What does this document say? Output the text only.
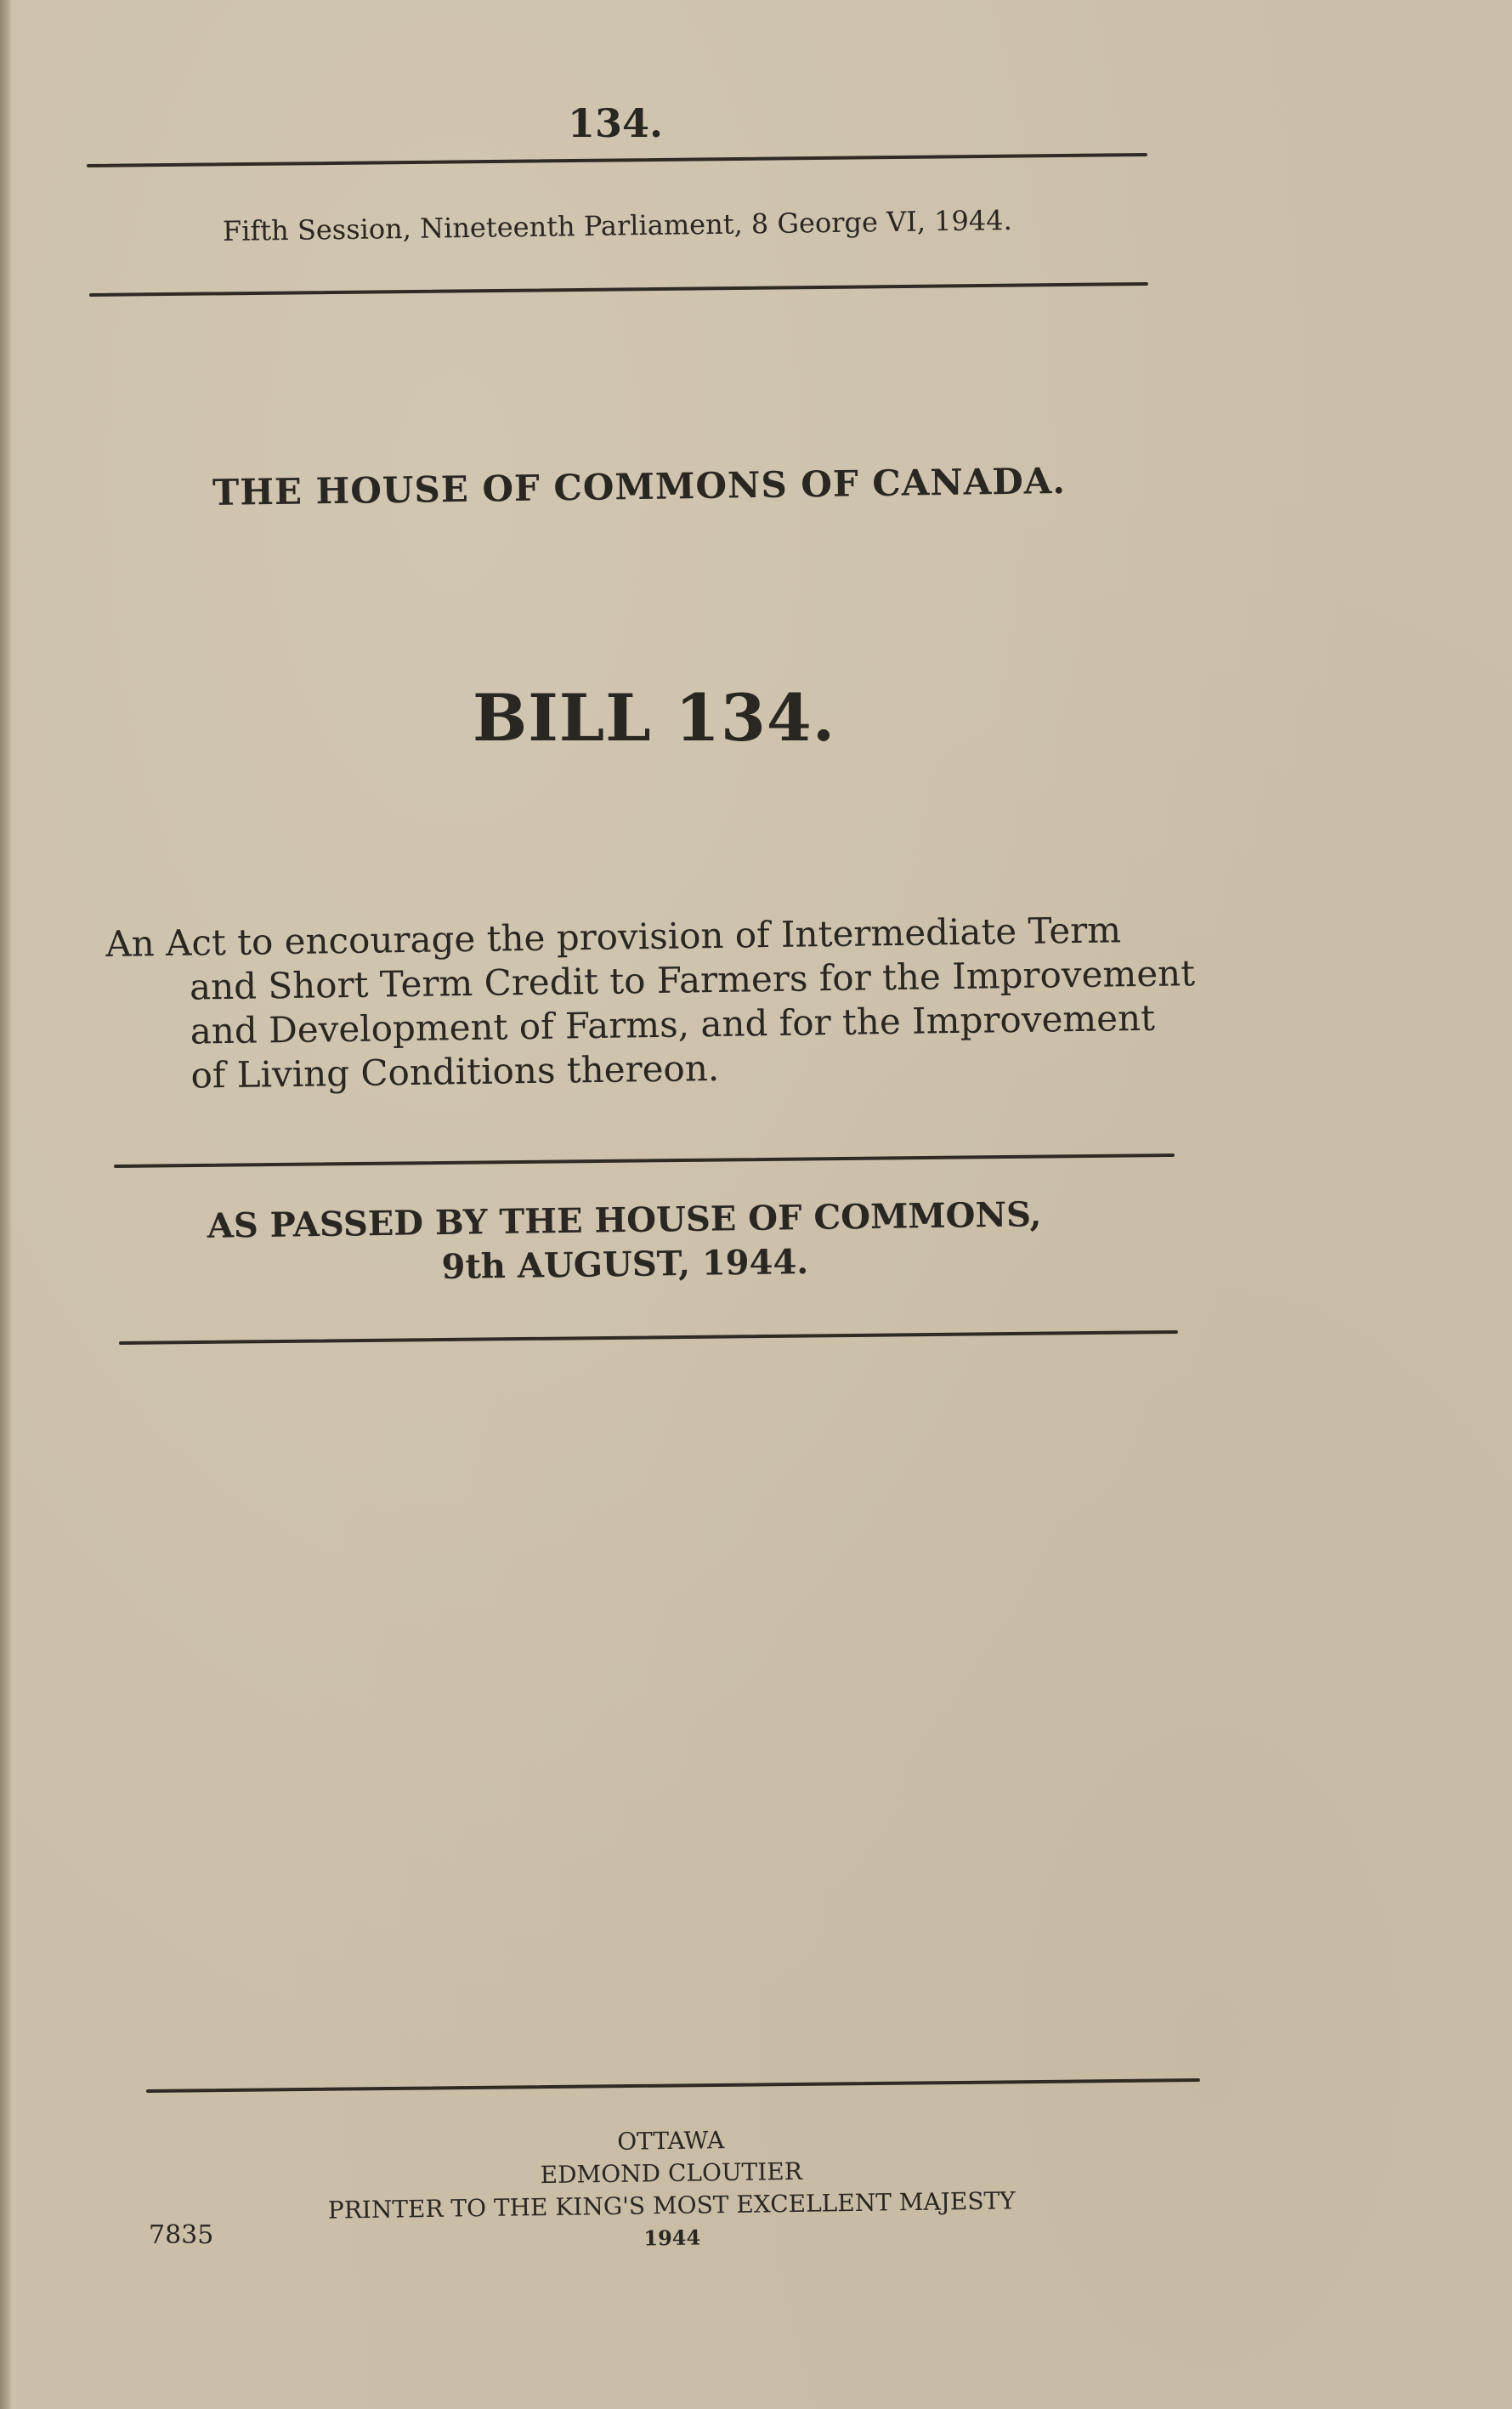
134.
Fifth Session, Nineteenth Parliament, 8 George VI, 1944.
THE HOUSE OF COMMONS OF CANADA.
BILL 134.
An Act to encourage the provision of Intermediate Term
and Short Term Credit to Farmers for the Improvement
and Development of Farms, and for the Improvement
of Living Conditions thereon.
AS PASSED BY THE HOUSE OF COMMONS,
9th AUGUST, 1944.
OTTAWA
EDMOND CLOUTIER
PRINTER TO THE KING'S MOST EXCELLENT MAJESTY
1944
7835
